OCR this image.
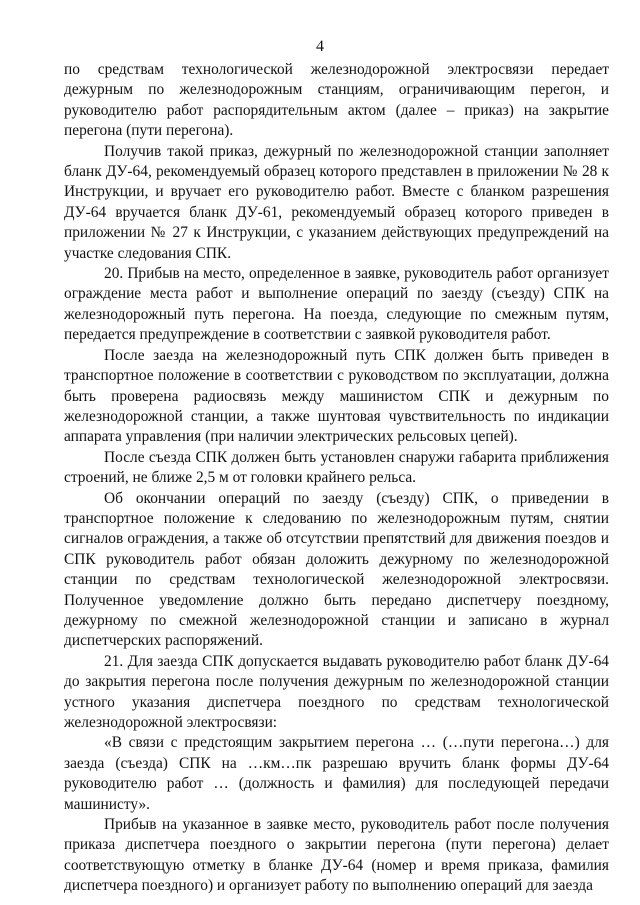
4

по средствам технологической железнодорожной электросвязи передает дежурным по железнодорожным станциям, ограничивающим перегон, и руководителю работ распорядительным актом (далее – приказ) на закрытие перегона (пути перегона).

Получив такой приказ, дежурный по железнодорожной станции заполняет бланк ДУ-64, рекомендуемый образец которого представлен в приложении № 28 к Инструкции, и вручает его руководителю работ. Вместе с бланком разрешения ДУ-64 вручается бланк ДУ-61, рекомендуемый образец которого приведен в приложении № 27 к Инструкции, с указанием действующих предупреждений на участке следования СПК.

20. Прибыв на место, определенное в заявке, руководитель работ организует ограждение места работ и выполнение операций по заезду (съезду) СПК на железнодорожный путь перегона. На поезда, следующие по смежным путям, передается предупреждение в соответствии с заявкой руководителя работ.

После заезда на железнодорожный путь СПК должен быть приведен в транспортное положение в соответствии с руководством по эксплуатации, должна быть проверена радиосвязь между машинистом СПК и дежурным по железнодорожной станции, а также шунтовая чувствительность по индикации аппарата управления (при наличии электрических рельсовых цепей).

После съезда СПК должен быть установлен снаружи габарита приближения строений, не ближе 2,5 м от головки крайнего рельса.

Об окончании операций по заезду (съезду) СПК, о приведении в транспортное положение к следованию по железнодорожным путям, снятии сигналов ограждения, а также об отсутствии препятствий для движения поездов и СПК руководитель работ обязан доложить дежурному по железнодорожной станции по средствам технологической железнодорожной электросвязи. Полученное уведомление должно быть передано диспетчеру поездному, дежурному по смежной железнодорожной станции и записано в журнал диспетчерских распоряжений.

21. Для заезда СПК допускается выдавать руководителю работ бланк ДУ-64 до закрытия перегона после получения дежурным по железнодорожной станции устного указания диспетчера поездного по средствам технологической железнодорожной электросвязи:

«В связи с предстоящим закрытием перегона … (…пути перегона…) для заезда (съезда) СПК на …км…пк разрешаю вручить бланк формы ДУ-64 руководителю работ … (должность и фамилия) для последующей передачи машинисту».

Прибыв на указанное в заявке место, руководитель работ после получения приказа диспетчера поездного о закрытии перегона (пути перегона) делает соответствующую отметку в бланке ДУ-64 (номер и время приказа, фамилия диспетчера поездного) и организует работу по выполнению операций для заезда
